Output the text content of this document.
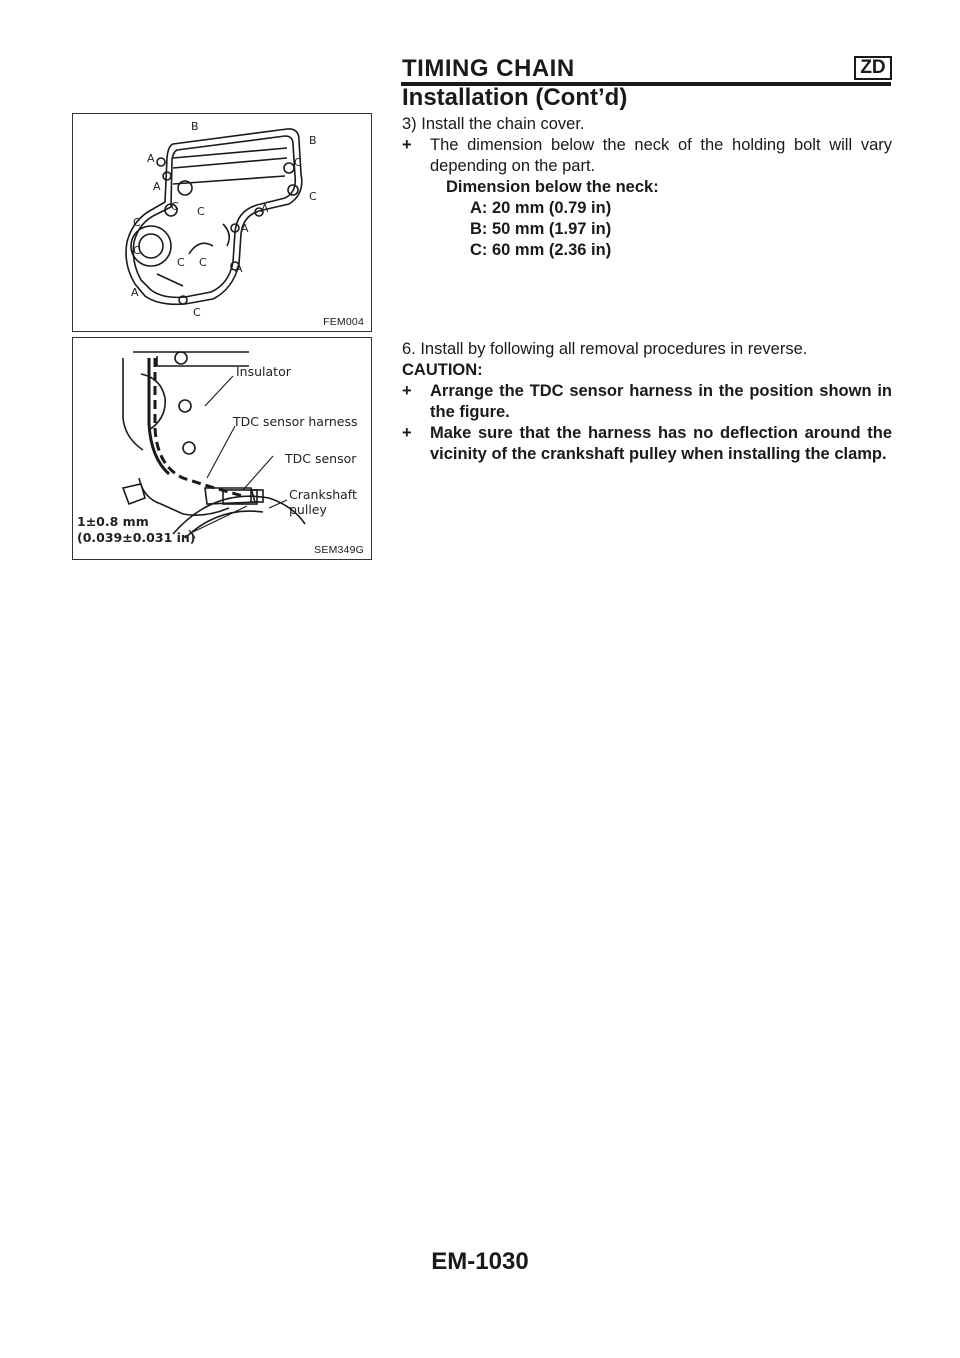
TIMING CHAIN	ZD
Installation (Cont’d)
B
B
A	C
C
A
C C	A
A
C
C C	A
A
C
C
FEM004
Insulator
TDC sensor harness
TDC sensor
Crankshaft
pulley
1±0.8 mm
(0.039±0.031 in)
SEM349G

3) Install the chain cover.

+ The dimension below the neck of the holding bolt will vary depending on the part.

Dimension below the neck:

A: 20 mm (0.79 in)

B: 50 mm (1.97 in)

C: 60 mm (2.36 in)

6. Install by following all removal procedures in reverse.

CAUTION:

+ Arrange the TDC sensor harness in the position shown in the figure.

+ Make sure that the harness has no deflection around the vicinity of the crankshaft pulley when installing the clamp.

EM-1030
